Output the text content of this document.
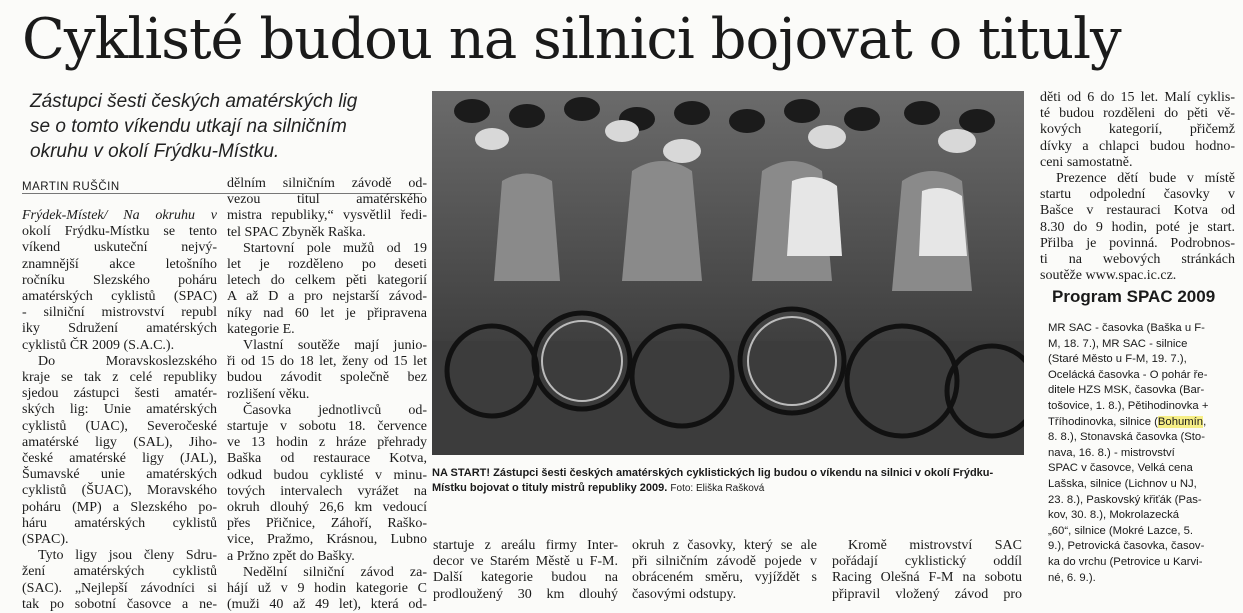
Cyklisté budou na silnici bojovat o tituly
Zástupci šesti českých amatérských lig
se o tomto víkendu utkají na silničním
okruhu v okolí Frýdku-Místku.
MARTIN RUŠČIN
Frýdek-Místek/ Na okruhu v
okolí Frýdku-Místku se tento
víkend uskuteční nejvý-
znamnější akce letošního
ročníku Slezského poháru
amatérských cyklistů (SPAC)
- silniční mistrovství republ
iky Sdružení amatérských
cyklistů ČR 2009 (S.A.C.).
Do Moravskoslezského
kraje se tak z celé republiky
sjedou zástupci šesti amatér-
ských lig: Unie amatérských
cyklistů (UAC), Severočeské
amatérské ligy (SAL), Jiho-
české amatérské ligy (JAL),
Šumavské unie amatérských
cyklistů (ŠUAC), Moravského
poháru (MP) a Slezského po-
háru amatérských cyklistů
(SPAC).
Tyto ligy jsou členy Sdru-
žení amatérských cyklistů
(SAC). „Nejlepší závodníci si
tak po sobotní časovce a ne-
dělním silničním závodě od-
vezou titul amatérského
mistra republiky,“ vysvětlil ředi-
tel SPAC Zbyněk Raška.
Startovní pole mužů od 19
let je rozděleno po deseti
letech do celkem pěti kategorií
A až D a pro nejstarší závod-
níky nad 60 let je připravena
kategorie E.
Vlastní soutěže mají junio-
ři od 15 do 18 let, ženy od 15 let
budou závodit společně bez
rozlišení věku.
Časovka jednotlivců od-
startuje v sobotu 18. července
ve 13 hodin z hráze přehrady
Baška od restaurace Kotva,
odkud budou cyklisté v minu-
tových intervalech vyrážet na
okruh dlouhý 26,6 km vedoucí
přes Přičnice, Záhoří, Raško-
vice, Pražmo, Krásnou, Lubno
a Pržno zpět do Bašky.
Nedělní silniční závod za-
hájí už v 9 hodin kategorie C
(muži 40 až 49 let), která od-
NA START! Zástupci šesti českých amatérských cyklistických lig budou o víkendu na silnici v okolí Frýdku-Místku bojovat o tituly mistrů republiky 2009. Foto: Eliška Rašková
startuje z areálu firmy Inter-
decor ve Starém Městě u F-M.
Další kategorie budou na
prodloužený 30 km dlouhý
okruh z časovky, který se ale
při silničním závodě pojede v
obráceném směru, vyjíždět s
časovými odstupy.
Kromě mistrovství SAC
pořádají cyklistický oddíl
Racing Olešná F-M na sobotu
připravil vložený závod pro
děti od 6 do 15 let. Malí cyklis-
té budou rozděleni do pěti vě-
kových kategorií, přičemž
dívky a chlapci budou hodno-
ceni samostatně.
Prezence dětí bude v místě
startu odpolední časovky v
Bašce v restauraci Kotva od
8.30 do 9 hodin, poté je start.
Přilba je povinná. Podrobnos-
ti na webových stránkách
soutěže www.spac.ic.cz.
Program SPAC 2009
MR SAC - časovka (Baška u F-
M, 18. 7.), MR SAC - silnice
(Staré Město u F-M, 19. 7.),
Ocelácká časovka - O pohár ře-
ditele HZS MSK, časovka (Bar-
tošovice, 1. 8.), Pětihodinovka +
Tříhodinovka, silnice (Bohumín,
8. 8.), Stonavská časovka (Sto-
nava, 16. 8.) - mistrovství
SPAC v časovce, Velká cena
Lašska, silnice (Lichnov u NJ,
23. 8.), Paskovský křiťák (Pas-
kov, 30. 8.), Mokrolazecká
„60“, silnice (Mokré Lazce, 5.
9.), Petrovická časovka, časov-
ka do vrchu (Petrovice u Karvi-
né, 6. 9.).
